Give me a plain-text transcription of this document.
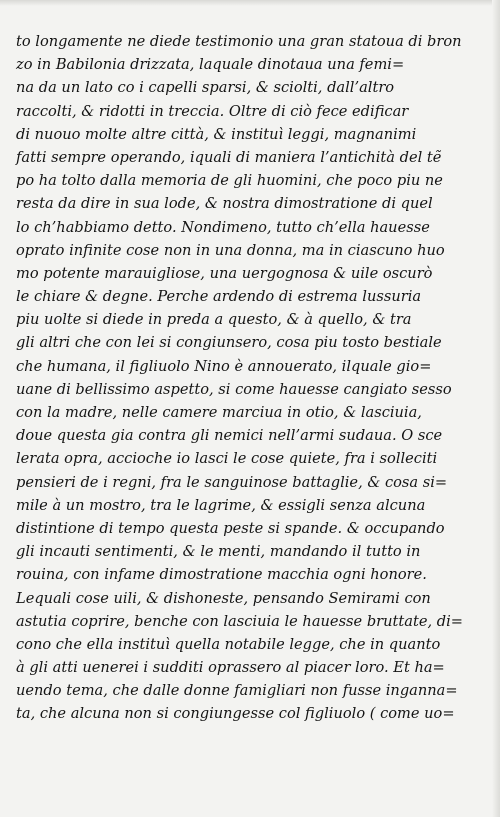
to longamente ne diede testimonio una gran statoua di bron
zo in Babilonia drizzata, laquale dinotaua una femi=
na da un lato co i capelli sparsi, & sciolti, dall’altro
raccolti, & ridotti in treccia. Oltre di ciò fece edificar
di nuouo molte altre città, & instituì leggi, magnanimi
fatti sempre operando, iquali di maniera l’antichità del tẽ
po ha tolto dalla memoria de gli huomini, che poco piu ne
resta da dire in sua lode, & nostra dimostratione di quel
lo ch’habbiamo detto. Nondimeno, tutto ch’ella hauesse
oprato infinite cose non in una donna, ma in ciascuno huo
mo potente marauigliose, una uergognosa & uile oscurò
le chiare & degne. Perche ardendo di estrema lussuria
piu uolte si diede in preda a questo, & à quello, & tra
gli altri che con lei si congiunsero, cosa piu tosto bestiale
che humana, il figliuolo Nino è annouerato, ilquale gio=
uane di bellissimo aspetto, si come hauesse cangiato sesso
con la madre, nelle camere marciua in otio, & lasciuia,
doue questa gia contra gli nemici nell’armi sudaua. O sce
lerata opra, accioche io lasci le cose quiete, fra i solleciti
pensieri de i regni, fra le sanguinose battaglie, & cosa si=
mile à un mostro, tra le lagrime, & essigli senza alcuna
distintione di tempo questa peste si spande. & occupando
gli incauti sentimenti, & le menti, mandando il tutto in
rouina, con infame dimostratione macchia ogni honore.
Lequali cose uili, & dishoneste, pensando Semirami con
astutia coprire, benche con lasciuia le hauesse bruttate, di=
cono che ella instituì quella notabile legge, che in quanto
à gli atti uenerei i sudditi oprassero al piacer loro. Et ha=
uendo tema, che dalle donne famigliari non fusse inganna=
ta, che alcuna non si congiungesse col figliuolo ( come uo=
